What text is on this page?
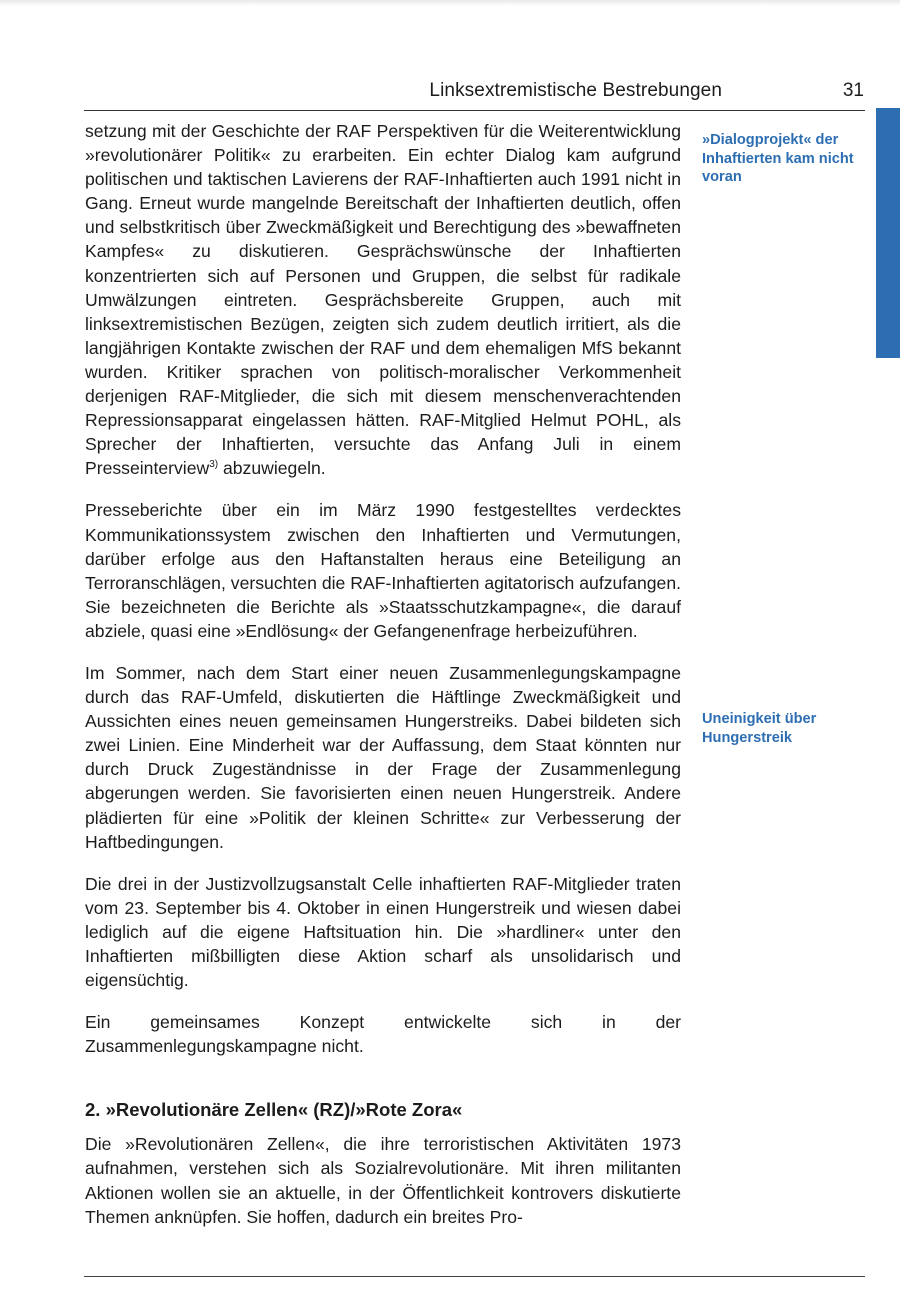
Linksextremistische Bestrebungen	31

setzung mit der Geschichte der RAF Perspektiven für die Weiterentwicklung »revolutionärer Politik« zu erarbeiten. Ein echter Dialog kam aufgrund politischen und taktischen Lavierens der RAF-Inhaftierten auch 1991 nicht in Gang. Erneut wurde mangelnde Bereitschaft der Inhaftierten deutlich, offen und selbstkritisch über Zweckmäßigkeit und Berechtigung des »bewaffneten Kampfes« zu diskutieren. Gesprächswünsche der Inhaftierten konzentrierten sich auf Personen und Gruppen, die selbst für radikale Umwälzungen eintreten. Gesprächsbereite Gruppen, auch mit linksextremistischen Bezügen, zeigten sich zudem deutlich irritiert, als die langjährigen Kontakte zwischen der RAF und dem ehemaligen MfS bekannt wurden. Kritiker sprachen von politisch-moralischer Verkommenheit derjenigen RAF-Mitglieder, die sich mit diesem menschenverachtenden Repressionsapparat eingelassen hätten. RAF-Mitglied Helmut POHL, als Sprecher der Inhaftierten, versuchte das Anfang Juli in einem Presseinterview$^{3)}$ abzuwiegeln.

Presseberichte über ein im März 1990 festgestelltes verdecktes Kommunikationssystem zwischen den Inhaftierten und Vermutungen, darüber erfolge aus den Haftanstalten heraus eine Beteiligung an Terroranschlägen, versuchten die RAF-Inhaftierten agitatorisch aufzufangen. Sie bezeichneten die Berichte als »Staatsschutzkampagne«, die darauf abziele, quasi eine »Endlösung« der Gefangenenfrage herbeizuführen.

Im Sommer, nach dem Start einer neuen Zusammenlegungskampagne durch das RAF-Umfeld, diskutierten die Häftlinge Zweckmäßigkeit und Aussichten eines neuen gemeinsamen Hungerstreiks. Dabei bildeten sich zwei Linien. Eine Minderheit war der Auffassung, dem Staat könnten nur durch Druck Zugeständnisse in der Frage der Zusammenlegung abgerungen werden. Sie favorisierten einen neuen Hungerstreik. Andere plädierten für eine »Politik der kleinen Schritte« zur Verbesserung der Haftbedingungen.

Die drei in der Justizvollzugsanstalt Celle inhaftierten RAF-Mitglieder traten vom 23. September bis 4. Oktober in einen Hungerstreik und wiesen dabei lediglich auf die eigene Haftsituation hin. Die »hardliner« unter den Inhaftierten mißbilligten diese Aktion scharf als unsolidarisch und eigensüchtig.

Ein gemeinsames Konzept entwickelte sich in der Zusammenlegungskampagne nicht.

2. »Revolutionäre Zellen« (RZ)/»Rote Zora«

Die »Revolutionären Zellen«, die ihre terroristischen Aktivitäten 1973 aufnahmen, verstehen sich als Sozialrevolutionäre. Mit ihren militanten Aktionen wollen sie an aktuelle, in der Öffentlichkeit kontrovers diskutierte Themen anknüpfen. Sie hoffen, dadurch ein breites Pro-

»Dialogprojekt« der Inhaftierten kam nicht voran
Uneinigkeit über Hungerstreik
